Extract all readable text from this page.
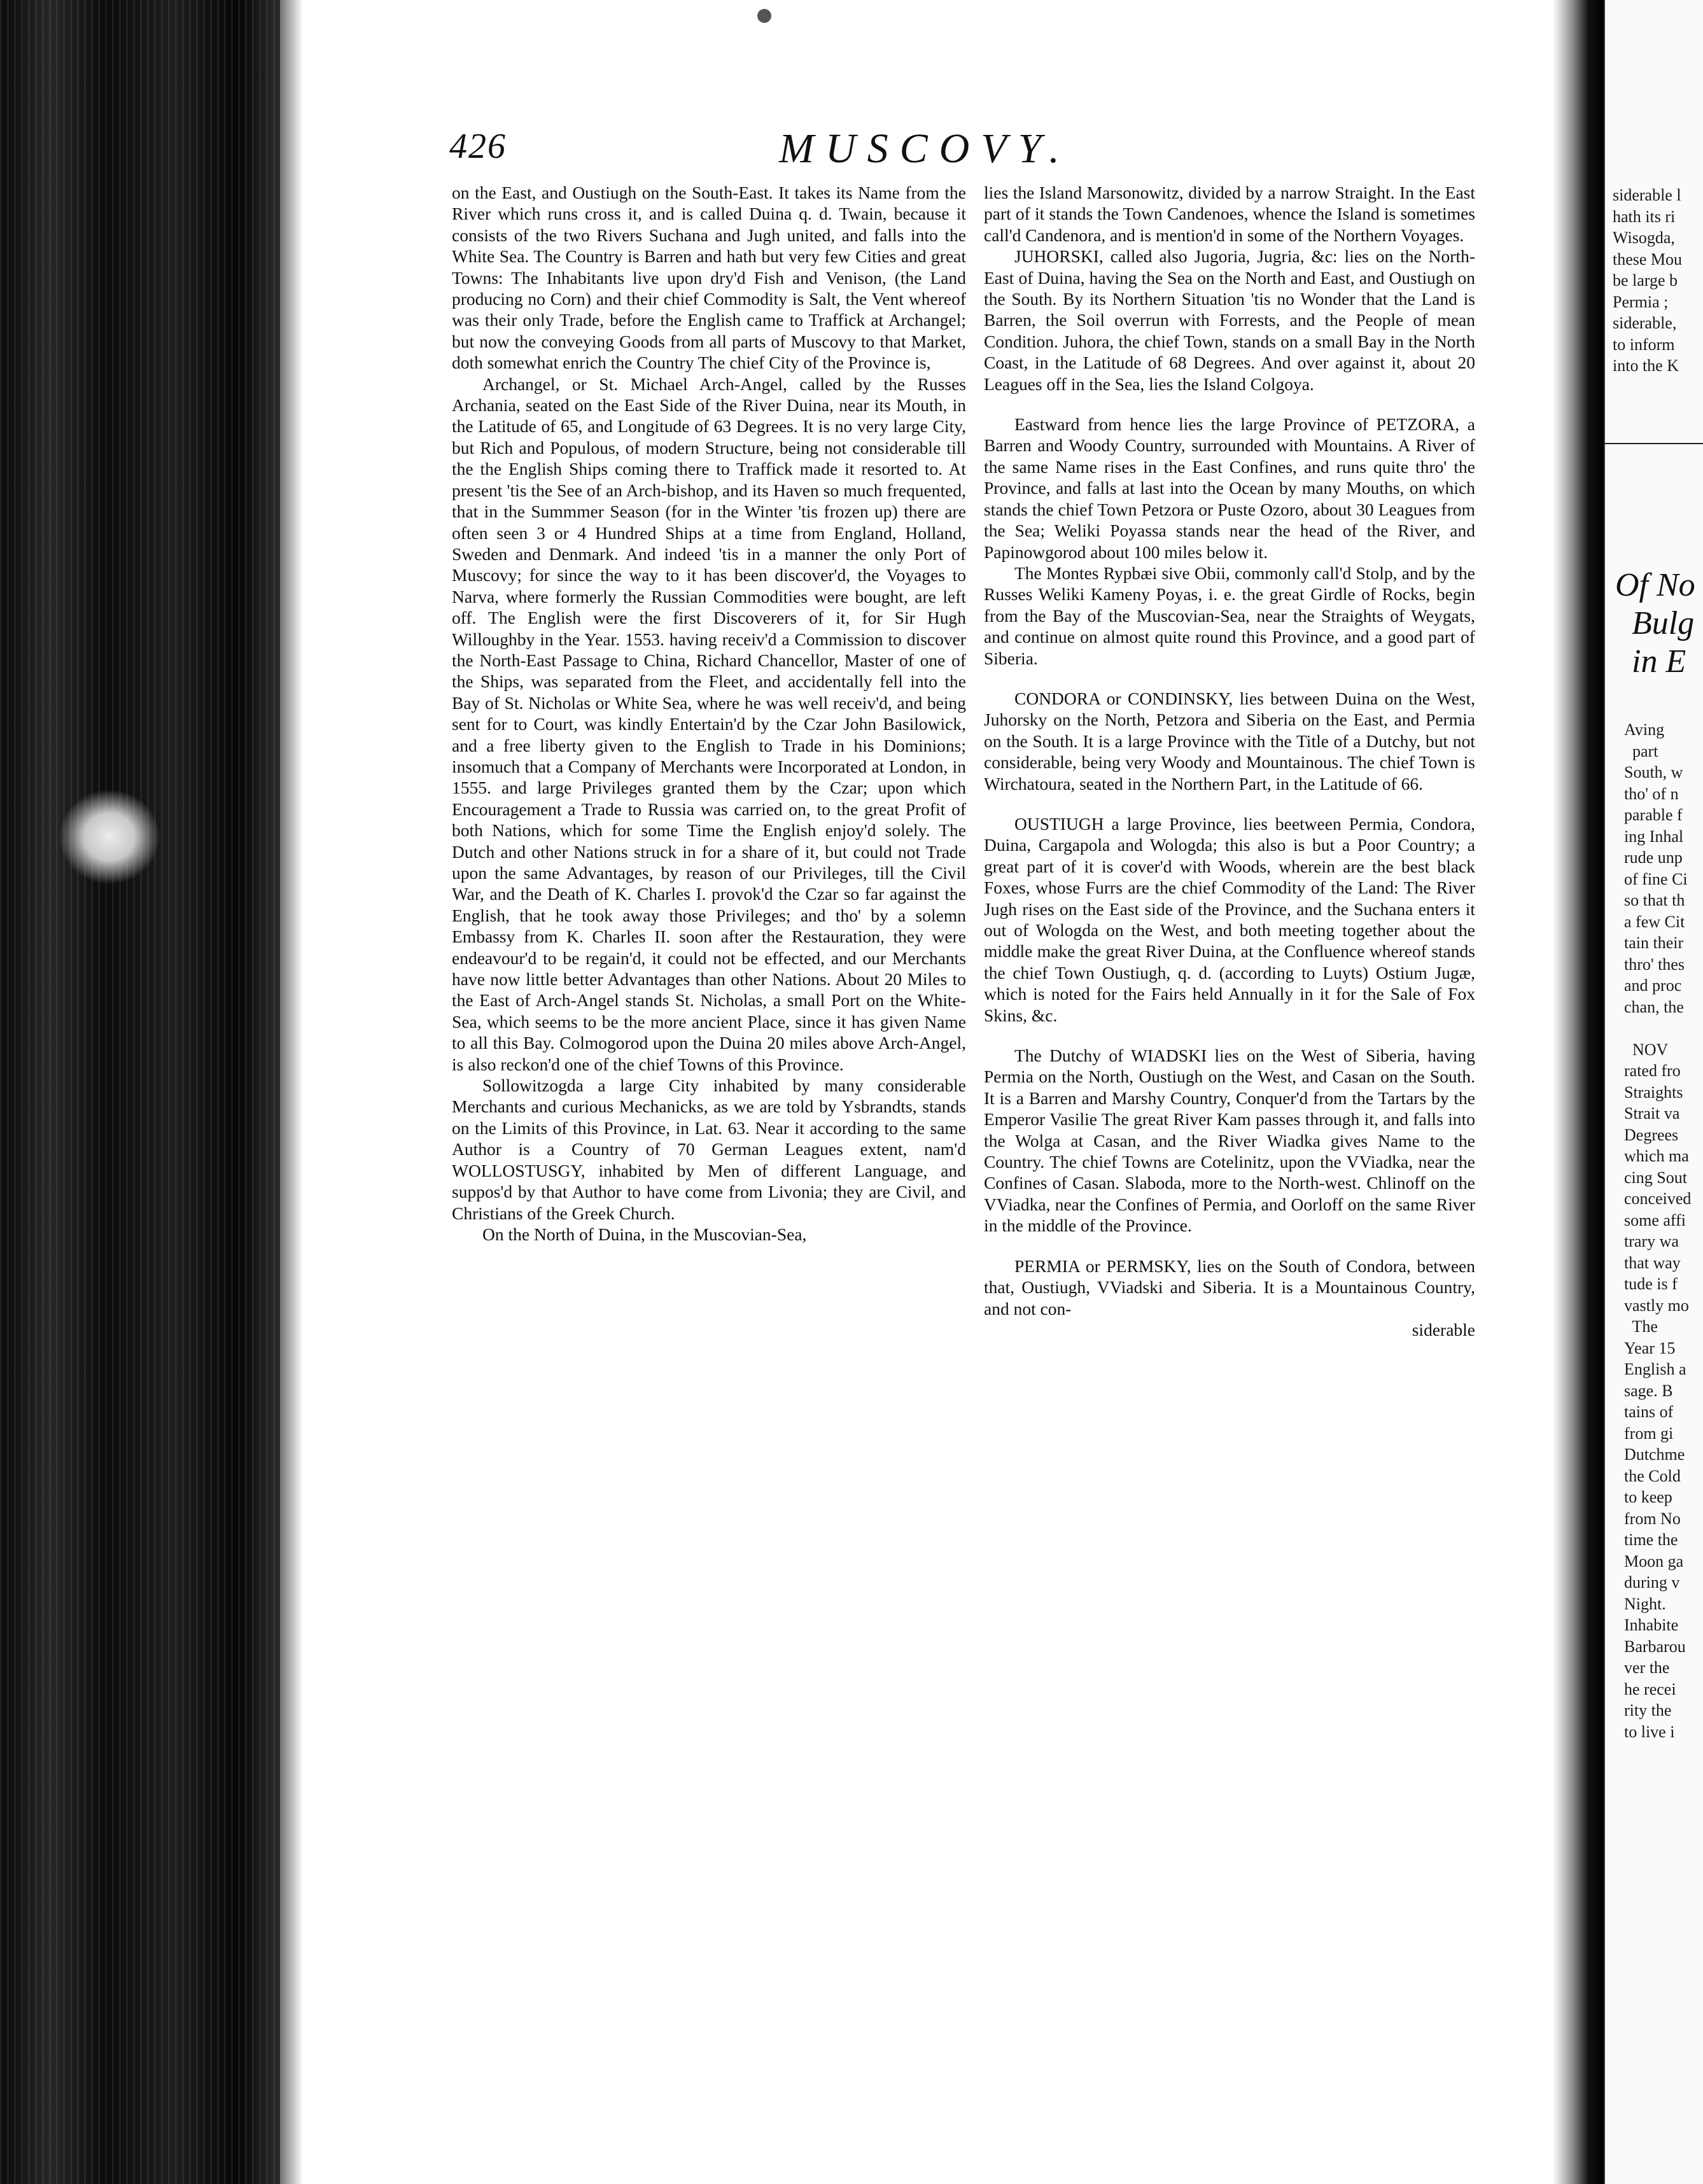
426	MUSCOVY.

on the East, and Oustiugh on the South-East. It takes its Name from the River which runs cross it, and is called Duina q. d. Twain, because it consists of the two Rivers Suchana and Jugh united, and falls into the White Sea. The Country is Barren and hath but very few Cities and great Towns: The Inhabitants live upon dry'd Fish and Venison, (the Land producing no Corn) and their chief Commodity is Salt, the Vent whereof was their only Trade, before the English came to Traffick at Archangel; but now the conveying Goods from all parts of Muscovy to that Market, doth somewhat enrich the Country The chief City of the Province is,

Archangel, or St. Michael Arch-Angel, called by the Russes Archania, seated on the East Side of the River Duina, near its Mouth, in the Latitude of 65, and Longitude of 63 Degrees. It is no very large City, but Rich and Populous, of modern Structure, being not considerable till the the English Ships coming there to Traffick made it resorted to. At present 'tis the See of an Arch-bishop, and its Haven so much frequented, that in the Summmer Season (for in the Winter 'tis frozen up) there are often seen 3 or 4 Hundred Ships at a time from England, Holland, Sweden and Denmark. And indeed 'tis in a manner the only Port of Muscovy; for since the way to it has been discover'd, the Voyages to Narva, where formerly the Russian Commodities were bought, are left off. The English were the first Discoverers of it, for Sir Hugh Willoughby in the Year. 1553. having receiv'd a Commission to discover the North-East Passage to China, Richard Chancellor, Master of one of the Ships, was separated from the Fleet, and accidentally fell into the Bay of St. Nicholas or White Sea, where he was well receiv'd, and being sent for to Court, was kindly Entertain'd by the Czar John Basilowick, and a free liberty given to the English to Trade in his Dominions; insomuch that a Company of Merchants were Incorporated at London, in 1555. and large Privileges granted them by the Czar; upon which Encouragement a Trade to Russia was carried on, to the great Profit of both Nations, which for some Time the English enjoy'd solely. The Dutch and other Nations struck in for a share of it, but could not Trade upon the same Advantages, by reason of our Privileges, till the Civil War, and the Death of K. Charles I. provok'd the Czar so far against the English, that he took away those Privileges; and tho' by a solemn Embassy from K. Charles II. soon after the Restauration, they were endeavour'd to be regain'd, it could not be effected, and our Merchants have now little better Advantages than other Nations. About 20 Miles to the East of Arch-Angel stands St. Nicholas, a small Port on the White-Sea, which seems to be the more ancient Place, since it has given Name to all this Bay. Colmogorod upon the Duina 20 miles above Arch-Angel, is also reckon'd one of the chief Towns of this Province.

Sollowitzogda a large City inhabited by many considerable Merchants and curious Mechanicks, as we are told by Ysbrandts, stands on the Limits of this Province, in Lat. 63. Near it according to the same Author is a Country of 70 German Leagues extent, nam'd WOLLOSTUSGY, inhabited by Men of different Language, and suppos'd by that Author to have come from Livonia; they are Civil, and Christians of the Greek Church.

On the North of Duina, in the Muscovian-Sea,

lies the Island Marsonowitz, divided by a narrow Straight. In the East part of it stands the Town Candenoes, whence the Island is sometimes call'd Candenora, and is mention'd in some of the Northern Voyages.

JUHORSKI, called also Jugoria, Jugria, &c: lies on the North-East of Duina, having the Sea on the North and East, and Oustiugh on the South. By its Northern Situation 'tis no Wonder that the Land is Barren, the Soil overrun with Forrests, and the People of mean Condition. Juhora, the chief Town, stands on a small Bay in the North Coast, in the Latitude of 68 Degrees. And over against it, about 20 Leagues off in the Sea, lies the Island Colgoya.

Eastward from hence lies the large Province of PETZORA, a Barren and Woody Country, surrounded with Mountains. A River of the same Name rises in the East Confines, and runs quite thro' the Province, and falls at last into the Ocean by many Mouths, on which stands the chief Town Petzora or Puste Ozoro, about 30 Leagues from the Sea; Weliki Poyassa stands near the head of the River, and Papinowgorod about 100 miles below it.

The Montes Rypbæi sive Obii, commonly call'd Stolp, and by the Russes Weliki Kameny Poyas, i. e. the great Girdle of Rocks, begin from the Bay of the Muscovian-Sea, near the Straights of Weygats, and continue on almost quite round this Province, and a good part of Siberia.

CONDORA or CONDINSKY, lies between Duina on the West, Juhorsky on the North, Petzora and Siberia on the East, and Permia on the South. It is a large Province with the Title of a Dutchy, but not considerable, being very Woody and Mountainous. The chief Town is Wirchatoura, seated in the Northern Part, in the Latitude of 66.

OUSTIUGH a large Province, lies beetween Permia, Condora, Duina, Cargapola and Wologda; this also is but a Poor Country; a great part of it is cover'd with Woods, wherein are the best black Foxes, whose Furrs are the chief Commodity of the Land: The River Jugh rises on the East side of the Province, and the Suchana enters it out of Wologda on the West, and both meeting together about the middle make the great River Duina, at the Confluence whereof stands the chief Town Oustiugh, q. d. (according to Luyts) Ostium Jugæ, which is noted for the Fairs held Annually in it for the Sale of Fox Skins, &c.

The Dutchy of WIADSKI lies on the West of Siberia, having Permia on the North, Oustiugh on the West, and Casan on the South. It is a Barren and Marshy Country, Conquer'd from the Tartars by the Emperor Vasilie The great River Kam passes through it, and falls into the Wolga at Casan, and the River Wiadka gives Name to the Country. The chief Towns are Cotelinitz, upon the VViadka, near the Confines of Casan. Slaboda, more to the North-west. Chlinoff on the VViadka, near the Confines of Permia, and Oorloff on the same River in the middle of the Province.

PERMIA or PERMSKY, lies on the South of Condora, between that, Oustiugh, VViadski and Siberia. It is a Mountainous Country, and not con-

siderable

siderable l
hath its ri
Wisogda,
these Mou
be large b
Permia ;
siderable,
to inform
into the K
Of No
Bulg
in E
Aving
part
South, w
tho' of n
parable f
ing Inhal
rude unp
of fine Ci
so that th
a few Cit
tain their
thro' thes
and proc
chan, the

NOV
rated fro
Straights
Strait va
Degrees
which ma
cing Sout
conceived
some affi
trary wa
that way
tude is f
vastly mo
The
Year 15
English a
sage. B
tains of
from gi
Dutchme
the Cold
to keep
from No
time the
Moon ga
during v
Night.
Inhabite
Barbarou
ver the
he recei
rity the
to live i
